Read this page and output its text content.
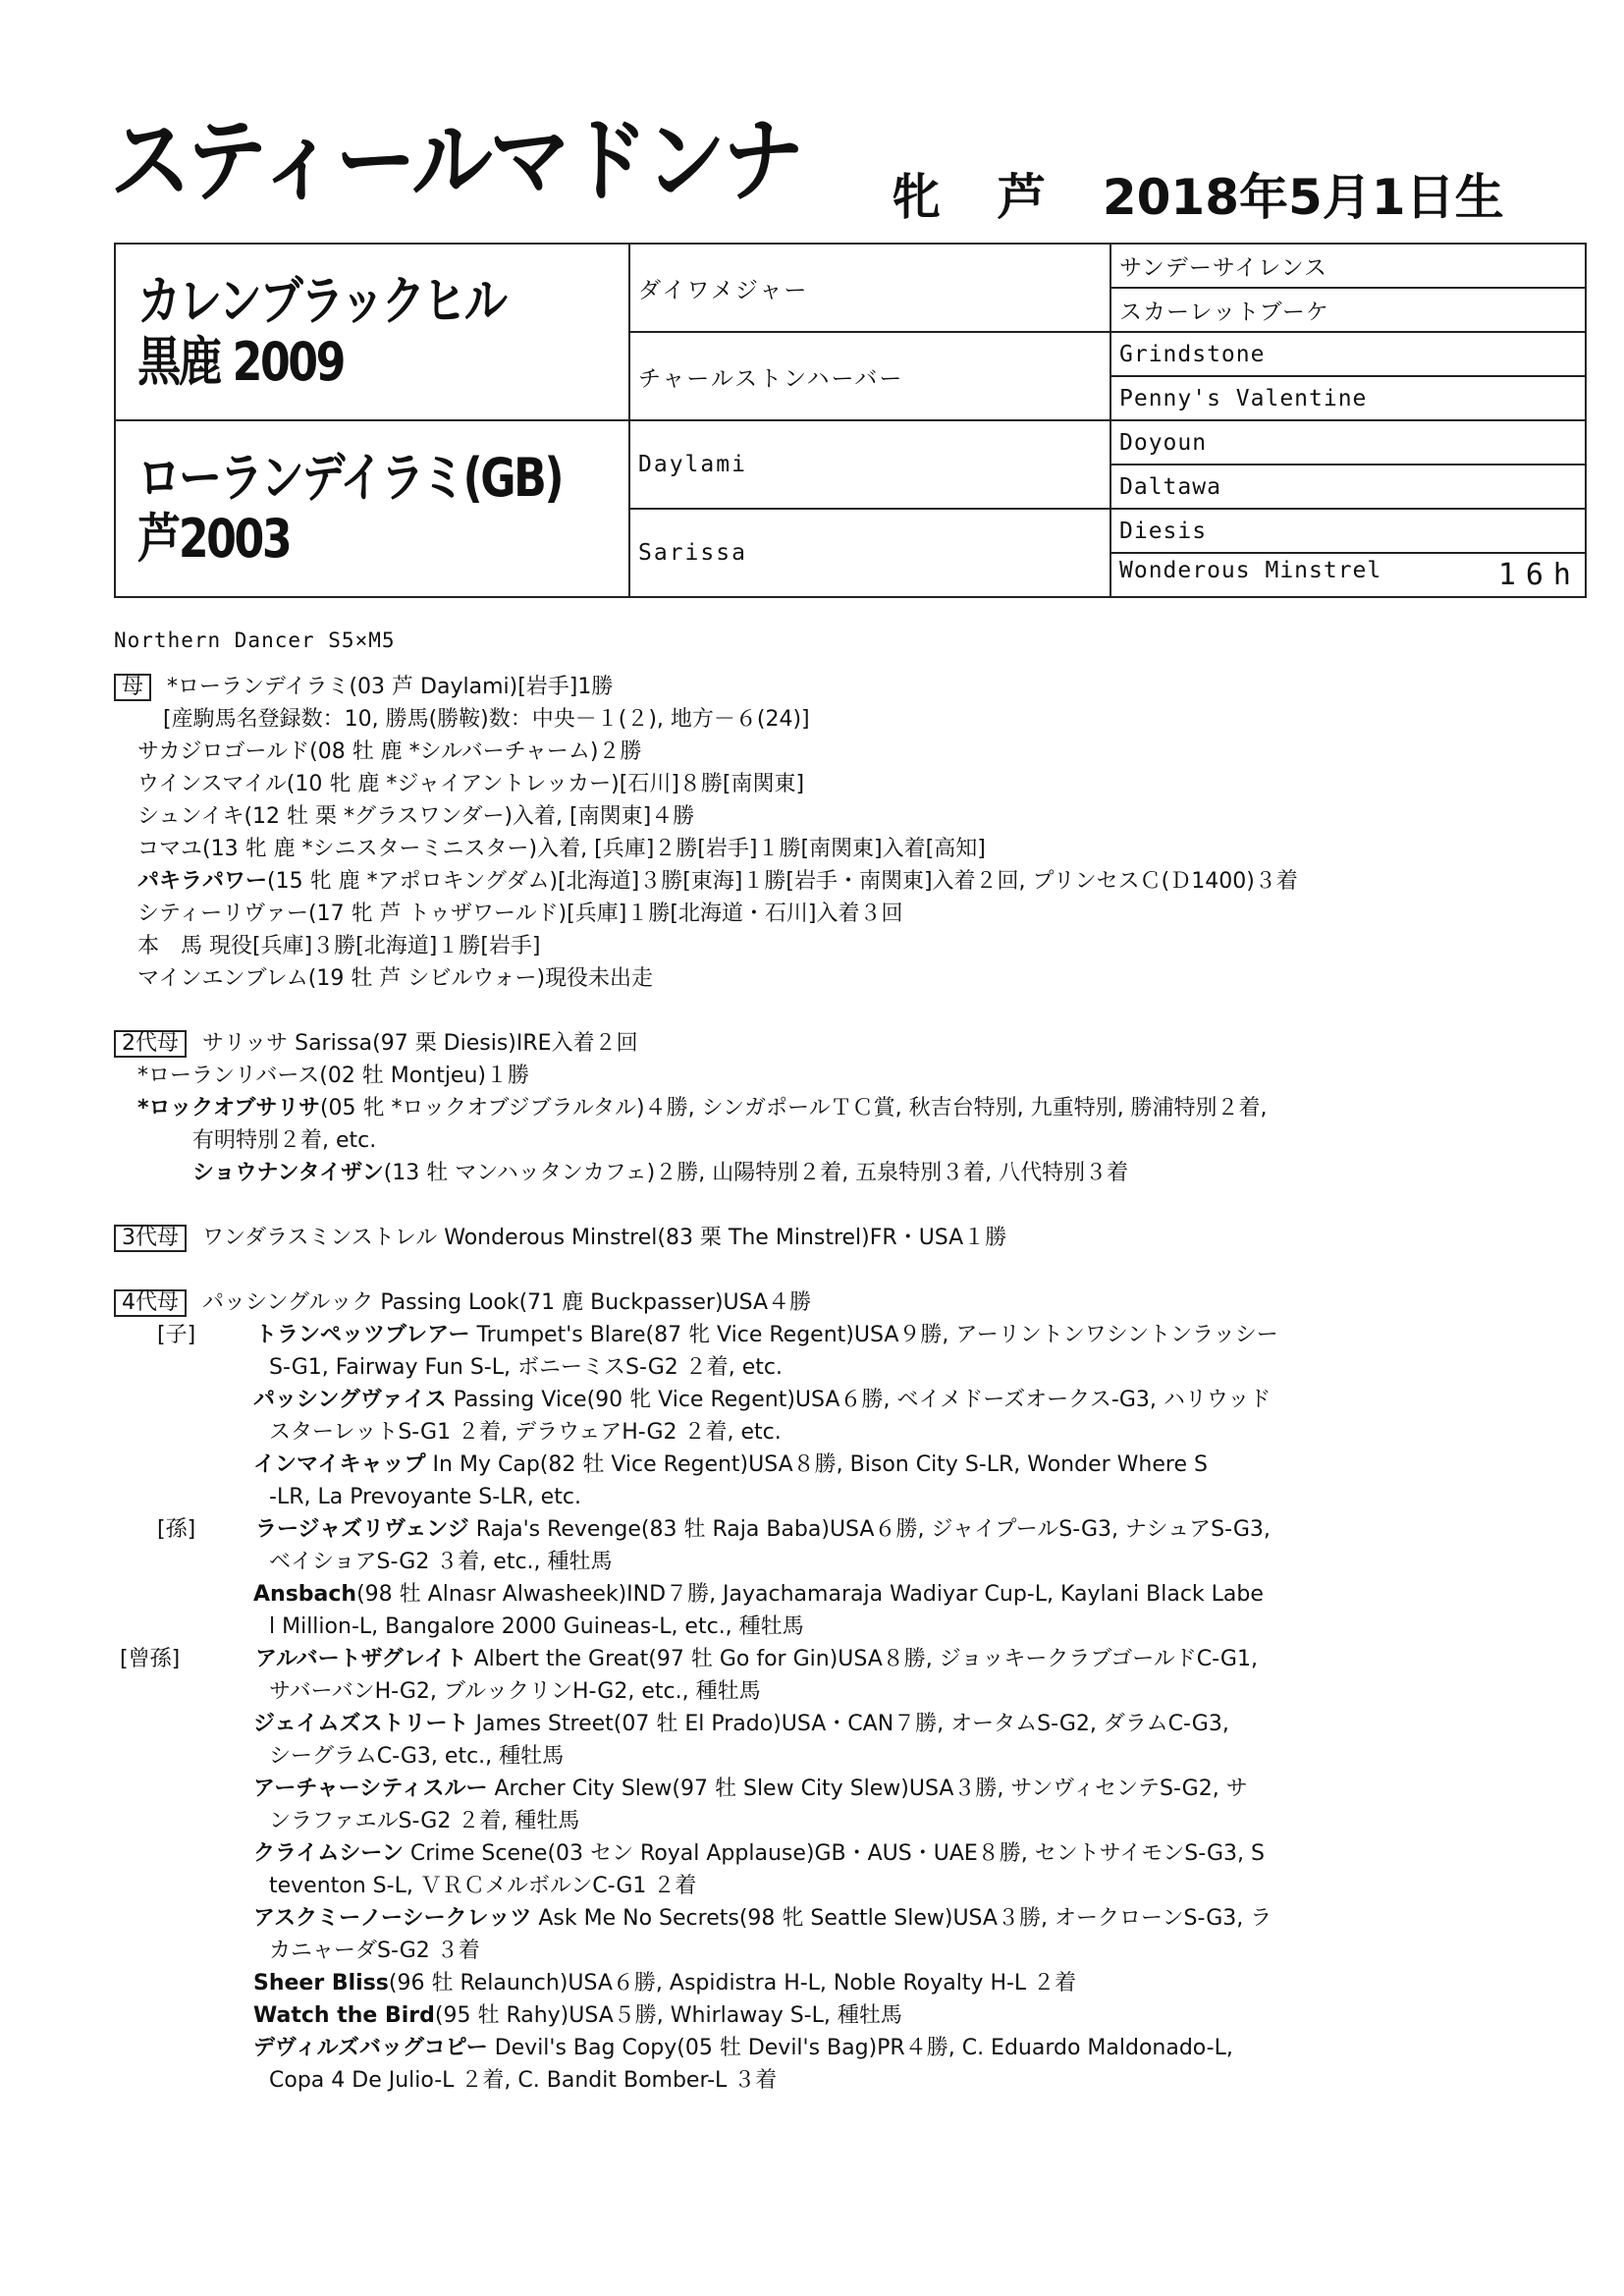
スティールマドンナ 牝 芦 2018年5月1日生
カレンブラックヒル
黒鹿 2009	ダイワメジャー	サンデーサイレンス
		スカーレットブーケ
	チャールストンハーバー	Grindstone
		Penny's Valentine

ローランデイラミ(GB)
芦2003	Daylami	Doyoun
		Daltawa
	Sarissa	Diesis
		Wonderous Minstrel 16h
Northern Dancer S5×M5
母 *ローランデイラミ(03 芦 Daylami)[岩手]1勝
[産駒馬名登録数：10, 勝馬(勝鞍)数：中央－１(２), 地方－６(24)]
サカジロゴールド(08 牡 鹿 *シルバーチャーム)２勝
ウインスマイル(10 牝 鹿 *ジャイアントレッカー)[石川]８勝[南関東]
シュンイキ(12 牡 栗 *グラスワンダー)入着, [南関東]４勝
コマユ(13 牝 鹿 *シニスターミニスター)入着, [兵庫]２勝[岩手]１勝[南関東]入着[高知]
パキラパワー(15 牝 鹿 *アポロキングダム)[北海道]３勝[東海]１勝[岩手・南関東]入着２回, プリンセスＣ(Ｄ1400)３着
シティーリヴァー(17 牝 芦 トゥザワールド)[兵庫]１勝[北海道・石川]入着３回
本　馬 現役[兵庫]３勝[北海道]１勝[岩手]
マインエンブレム(19 牡 芦 シビルウォー)現役未出走
2代母 サリッサ Sarissa(97 栗 Diesis)IRE入着２回
*ローランリバース(02 牡 Montjeu)１勝
*ロックオブサリサ(05 牝 *ロックオブジブラルタル)４勝, シンガポールＴＣ賞, 秋吉台特別, 九重特別, 勝浦特別２着,
有明特別２着, etc.
ショウナンタイザン(13 牡 マンハッタンカフェ)２勝, 山陽特別２着, 五泉特別３着, 八代特別３着
3代母 ワンダラスミンストレル Wonderous Minstrel(83 栗 The Minstrel)FR・USA１勝
4代母 パッシングルック Passing Look(71 鹿 Buckpasser)USA４勝
[子]	トランペッツブレアー Trumpet's Blare(87 牝 Vice Regent)USA９勝, アーリントンワシントンラッシー
S-G1, Fairway Fun S-L, ボニーミスS-G2 ２着, etc.
パッシングヴァイス Passing Vice(90 牝 Vice Regent)USA６勝, ベイメドーズオークス-G3, ハリウッド
スターレットS-G1 ２着, デラウェアH-G2 ２着, etc.
インマイキャップ In My Cap(82 牡 Vice Regent)USA８勝, Bison City S-LR, Wonder Where S
-LR, La Prevoyante S-LR, etc.
[孫]	ラージャズリヴェンジ Raja's Revenge(83 牡 Raja Baba)USA６勝, ジャイプールS-G3, ナシュアS-G3,
ベイショアS-G2 ３着, etc., 種牡馬
Ansbach(98 牡 Alnasr Alwasheek)IND７勝, Jayachamaraja Wadiyar Cup-L, Kaylani Black Labe
l Million-L, Bangalore 2000 Guineas-L, etc., 種牡馬
[曾孫]	アルバートザグレイト Albert the Great(97 牡 Go for Gin)USA８勝, ジョッキークラブゴールドC-G1,
サバーバンH-G2, ブルックリンH-G2, etc., 種牡馬
ジェイムズストリート James Street(07 牡 El Prado)USA・CAN７勝, オータムS-G2, ダラムC-G3,
シーグラムC-G3, etc., 種牡馬
アーチャーシティスルー Archer City Slew(97 牡 Slew City Slew)USA３勝, サンヴィセンテS-G2, サ
ンラファエルS-G2 ２着, 種牡馬
クライムシーン Crime Scene(03 セン Royal Applause)GB・AUS・UAE８勝, セントサイモンS-G3, S
teventon S-L, ＶＲＣメルボルンC-G1 ２着
アスクミーノーシークレッツ Ask Me No Secrets(98 牝 Seattle Slew)USA３勝, オークローンS-G3, ラ
カニャーダS-G2 ３着
Sheer Bliss(96 牡 Relaunch)USA６勝, Aspidistra H-L, Noble Royalty H-L ２着
Watch the Bird(95 牡 Rahy)USA５勝, Whirlaway S-L, 種牡馬
デヴィルズバッグコピー Devil's Bag Copy(05 牡 Devil's Bag)PR４勝, C. Eduardo Maldonado-L,
Copa 4 De Julio-L ２着, C. Bandit Bomber-L ３着
